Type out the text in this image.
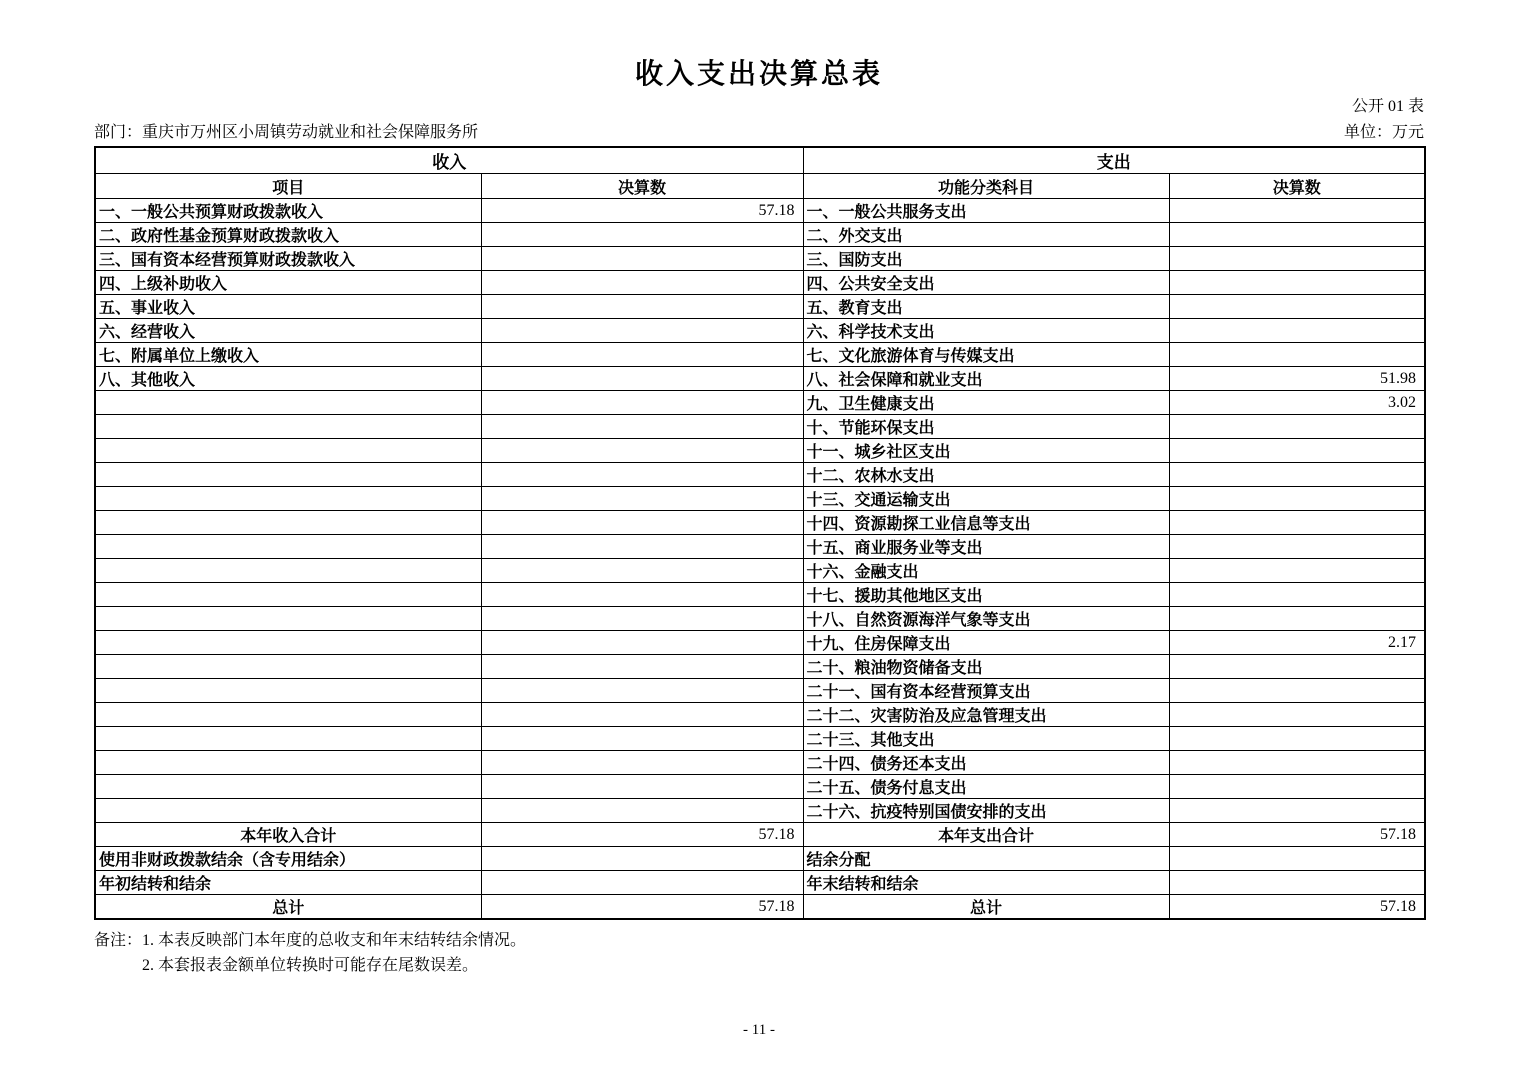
收入支出决算总表
公开 01 表
部门：重庆市万州区小周镇劳动就业和社会保障服务所	单位：万元
收入		支出	
项目	决算数	功能分类科目	决算数
一、一般公共预算财政拨款收入	57.18	一、一般公共服务支出	
二、政府性基金预算财政拨款收入		二、外交支出	
三、国有资本经营预算财政拨款收入		三、国防支出	
四、上级补助收入		四、公共安全支出	
五、事业收入		五、教育支出	
六、经营收入		六、科学技术支出	
七、附属单位上缴收入		七、文化旅游体育与传媒支出	
八、其他收入		八、社会保障和就业支出	51.98
		九、卫生健康支出	3.02
		十、节能环保支出	
		十一、城乡社区支出	
		十二、农林水支出	
		十三、交通运输支出	
		十四、资源勘探工业信息等支出	
		十五、商业服务业等支出	
		十六、金融支出	
		十七、援助其他地区支出	
		十八、自然资源海洋气象等支出	
		十九、住房保障支出	2.17
		二十、粮油物资储备支出	
		二十一、国有资本经营预算支出	
		二十二、灾害防治及应急管理支出	
		二十三、其他支出	
		二十四、债务还本支出	
		二十五、债务付息支出	
		二十六、抗疫特别国债安排的支出	
本年收入合计	57.18	本年支出合计	57.18
使用非财政拨款结余（含专用结余）		结余分配	
年初结转和结余		年末结转和结余	
总计	57.18	总计	57.18
备注：1. 本表反映部门本年度的总收支和年末结转结余情况。
2. 本套报表金额单位转换时可能存在尾数误差。
- 11 -
